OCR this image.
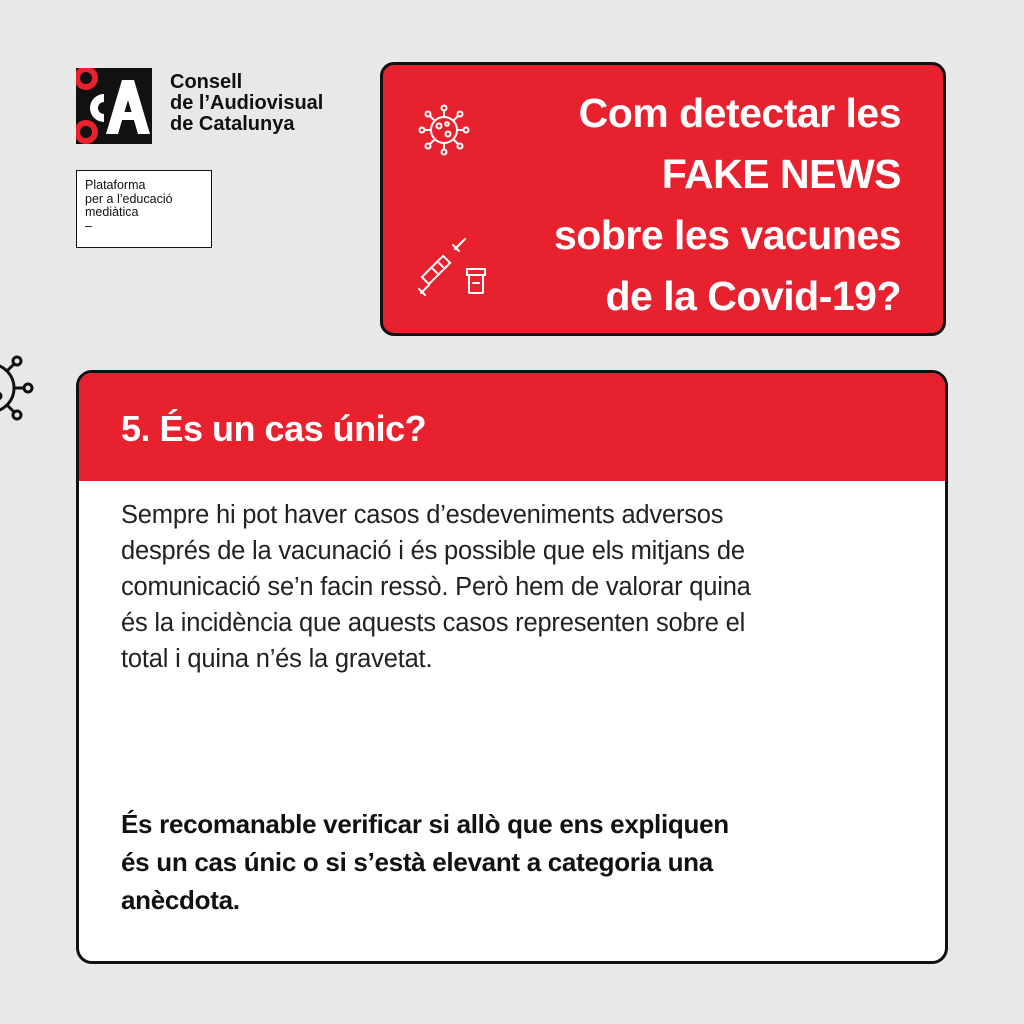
Consell
de l’Audiovisual
de Catalunya

Plataforma
per a l’educació
mediàtica
–
Com detectar les
FAKE NEWS
sobre les vacunes
de la Covid-19?
5. És un cas únic?

Sempre hi pot haver casos d’esdeveniments adversos
després de la vacunació i és possible que els mitjans de
comunicació se’n facin ressò. Però hem de valorar quina
és la incidència que aquests casos representen sobre el
total i quina n’és la gravetat.

És recomanable verificar si allò que ens expliquen
és un cas únic o si s’està elevant a categoria una
anècdota.
